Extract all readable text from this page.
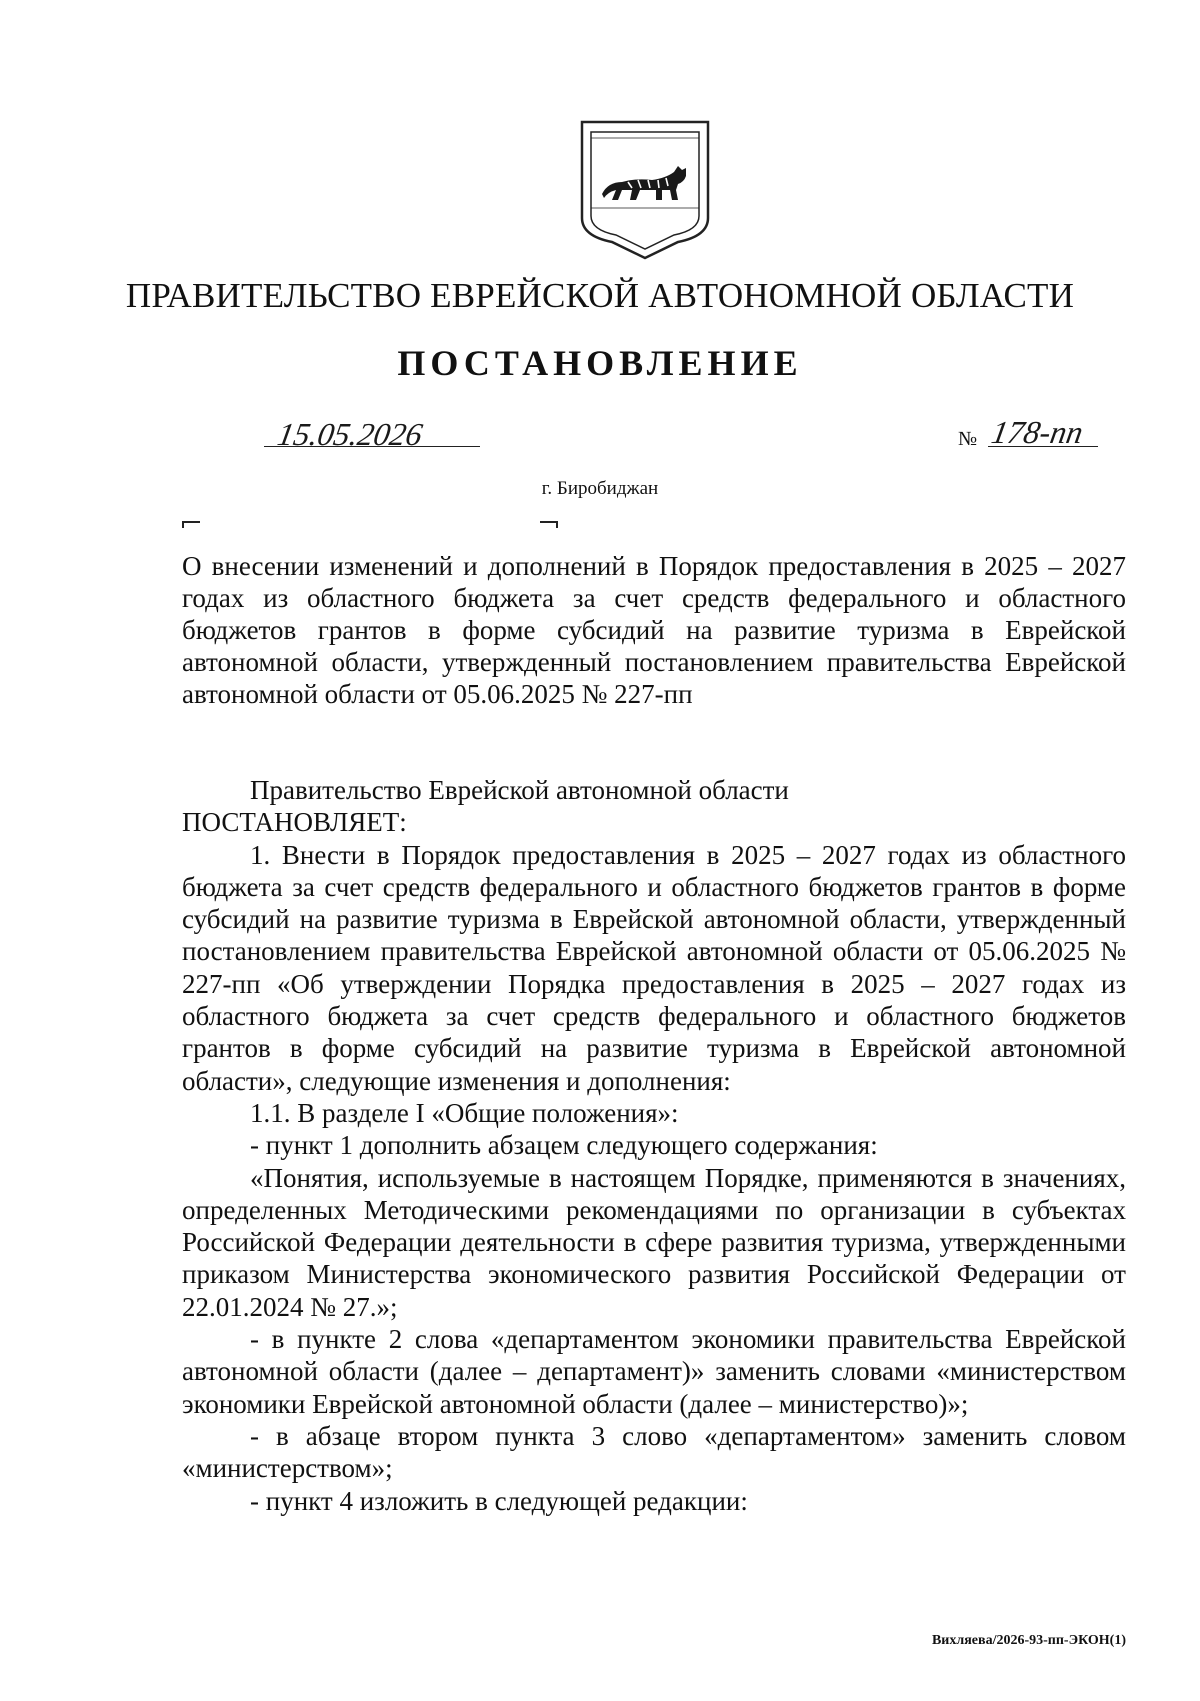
ПРАВИТЕЛЬСТВО ЕВРЕЙСКОЙ АВТОНОМНОЙ ОБЛАСТИ
ПОСТАНОВЛЕНИЕ
15.05.2026	№ 178-пп
г. Биробиджан

О внесении изменений и дополнений в Порядок предоставления в 2025 – 2027 годах из областного бюджета за счет средств федерального и областного бюджетов грантов в форме субсидий на развитие туризма в Еврейской автономной области, утвержденный постановлением правительства Еврейской автономной области от 05.06.2025 № 227-пп

Правительство Еврейской автономной области

ПОСТАНОВЛЯЕТ:

1. Внести в Порядок предоставления в 2025 – 2027 годах из областного бюджета за счет средств федерального и областного бюджетов грантов в форме субсидий на развитие туризма в Еврейской автономной области, утвержденный постановлением правительства Еврейской автономной области от 05.06.2025 № 227-пп «Об утверждении Порядка предоставления в 2025 – 2027 годах из областного бюджета за счет средств федерального и областного бюджетов грантов в форме субсидий на развитие туризма в Еврейской автономной области», следующие изменения и дополнения:

1.1. В разделе I «Общие положения»:

- пункт 1 дополнить абзацем следующего содержания:

«Понятия, используемые в настоящем Порядке, применяются в значениях, определенных Методическими рекомендациями по организации в субъектах Российской Федерации деятельности в сфере развития туризма, утвержденными приказом Министерства экономического развития Российской Федерации от 22.01.2024 № 27.»;

- в пункте 2 слова «департаментом экономики правительства Еврейской автономной области (далее – департамент)» заменить словами «министерством экономики Еврейской автономной области (далее – министерство)»;

- в абзаце втором пункта 3 слово «департаментом» заменить словом «министерством»;

- пункт 4 изложить в следующей редакции:

Вихляева/2026-93-пп-ЭКОН(1)
